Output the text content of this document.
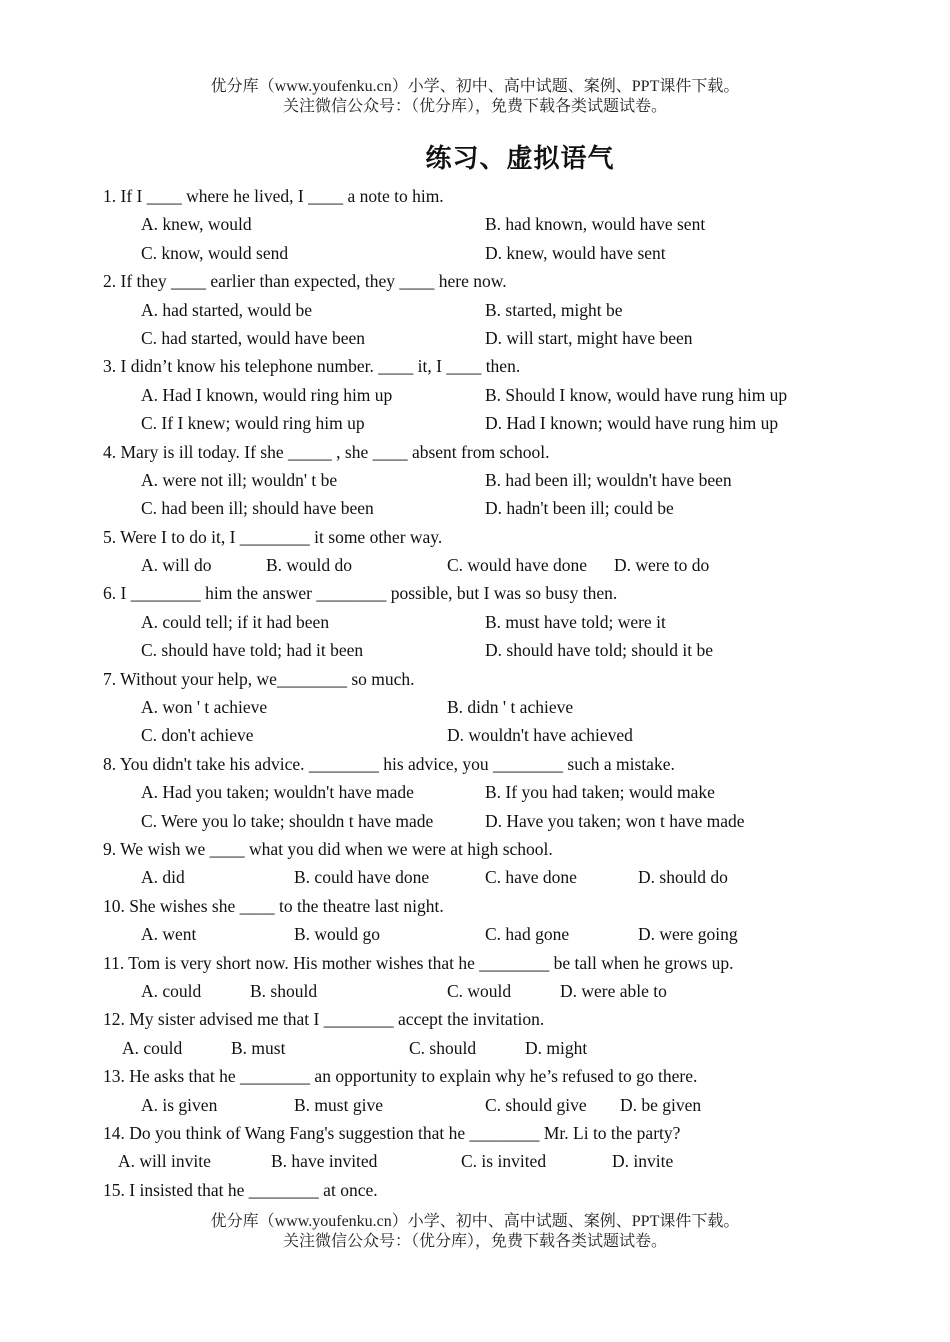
优分库（www.youfenku.cn）小学、初中、高中试题、案例、PPT课件下载。
关注微信公众号：（优分库），免费下载各类试题试卷。
练习、虚拟语气
1. If I ____ where he lived, I ____ a note to him.
A. knew, would	B. had known, would have sent
C. know, would send	D. knew, would have sent
2. If they ____ earlier than expected, they ____ here now.
A. had started, would be	B. started, might be
C. had started, would have been	D. will start, might have been
3. I didn’t know his telephone number. ____ it, I ____ then.
A. Had I known, would ring him up	B. Should I know, would have rung him up
C. If I knew; would ring him up	D. Had I known; would have rung him up
4. Mary is ill today. If she _____ , she ____ absent from school.
A. were not ill; wouldn' t be	B. had been ill; wouldn't have been
C. had been ill; should have been	D. hadn't been ill; could be
5. Were I to do it, I ________ it some other way.
A. will do	B. would do	C. would have done D. were to do
6. I ________ him the answer ________ possible, but I was so busy then.
A. could tell; if it had been	B. must have told; were it
C. should have told; had it been	D. should have told; should it be
7. Without your help, we________ so much.
A. won ' t achieve	B. didn ' t achieve
C. don't achieve	D. wouldn't have achieved
8. You didn't take his advice. ________ his advice, you ________ such a mistake.
A. Had you taken; wouldn't have made	B. If you had taken; would make
C. Were you lo take; shouldn t have made	D. Have you taken; won t have made
9. We wish we ____ what you did when we were at high school.
A. did	B. could have done	C. have done	D. should do
10. She wishes she ____ to the theatre last night.
A. went	B. would go	C. had gone	D. were going
11. Tom is very short now. His mother wishes that he ________ be tall when he grows up.
A. could	B. should	C. would	D. were able to
12. My sister advised me that I ________ accept the invitation.
A. could	B. must	C. should	D. might
13. He asks that he ________ an opportunity to explain why he’s refused to go there.
A. is given	B. must give	C. should give D. be given
14. Do you think of Wang Fang's suggestion that he ________ Mr. Li to the party?
A. will invite	B. have invited	C. is invited	D. invite
15. I insisted that he ________ at once.
优分库（www.youfenku.cn）小学、初中、高中试题、案例、PPT课件下载。
关注微信公众号：（优分库），免费下载各类试题试卷。
